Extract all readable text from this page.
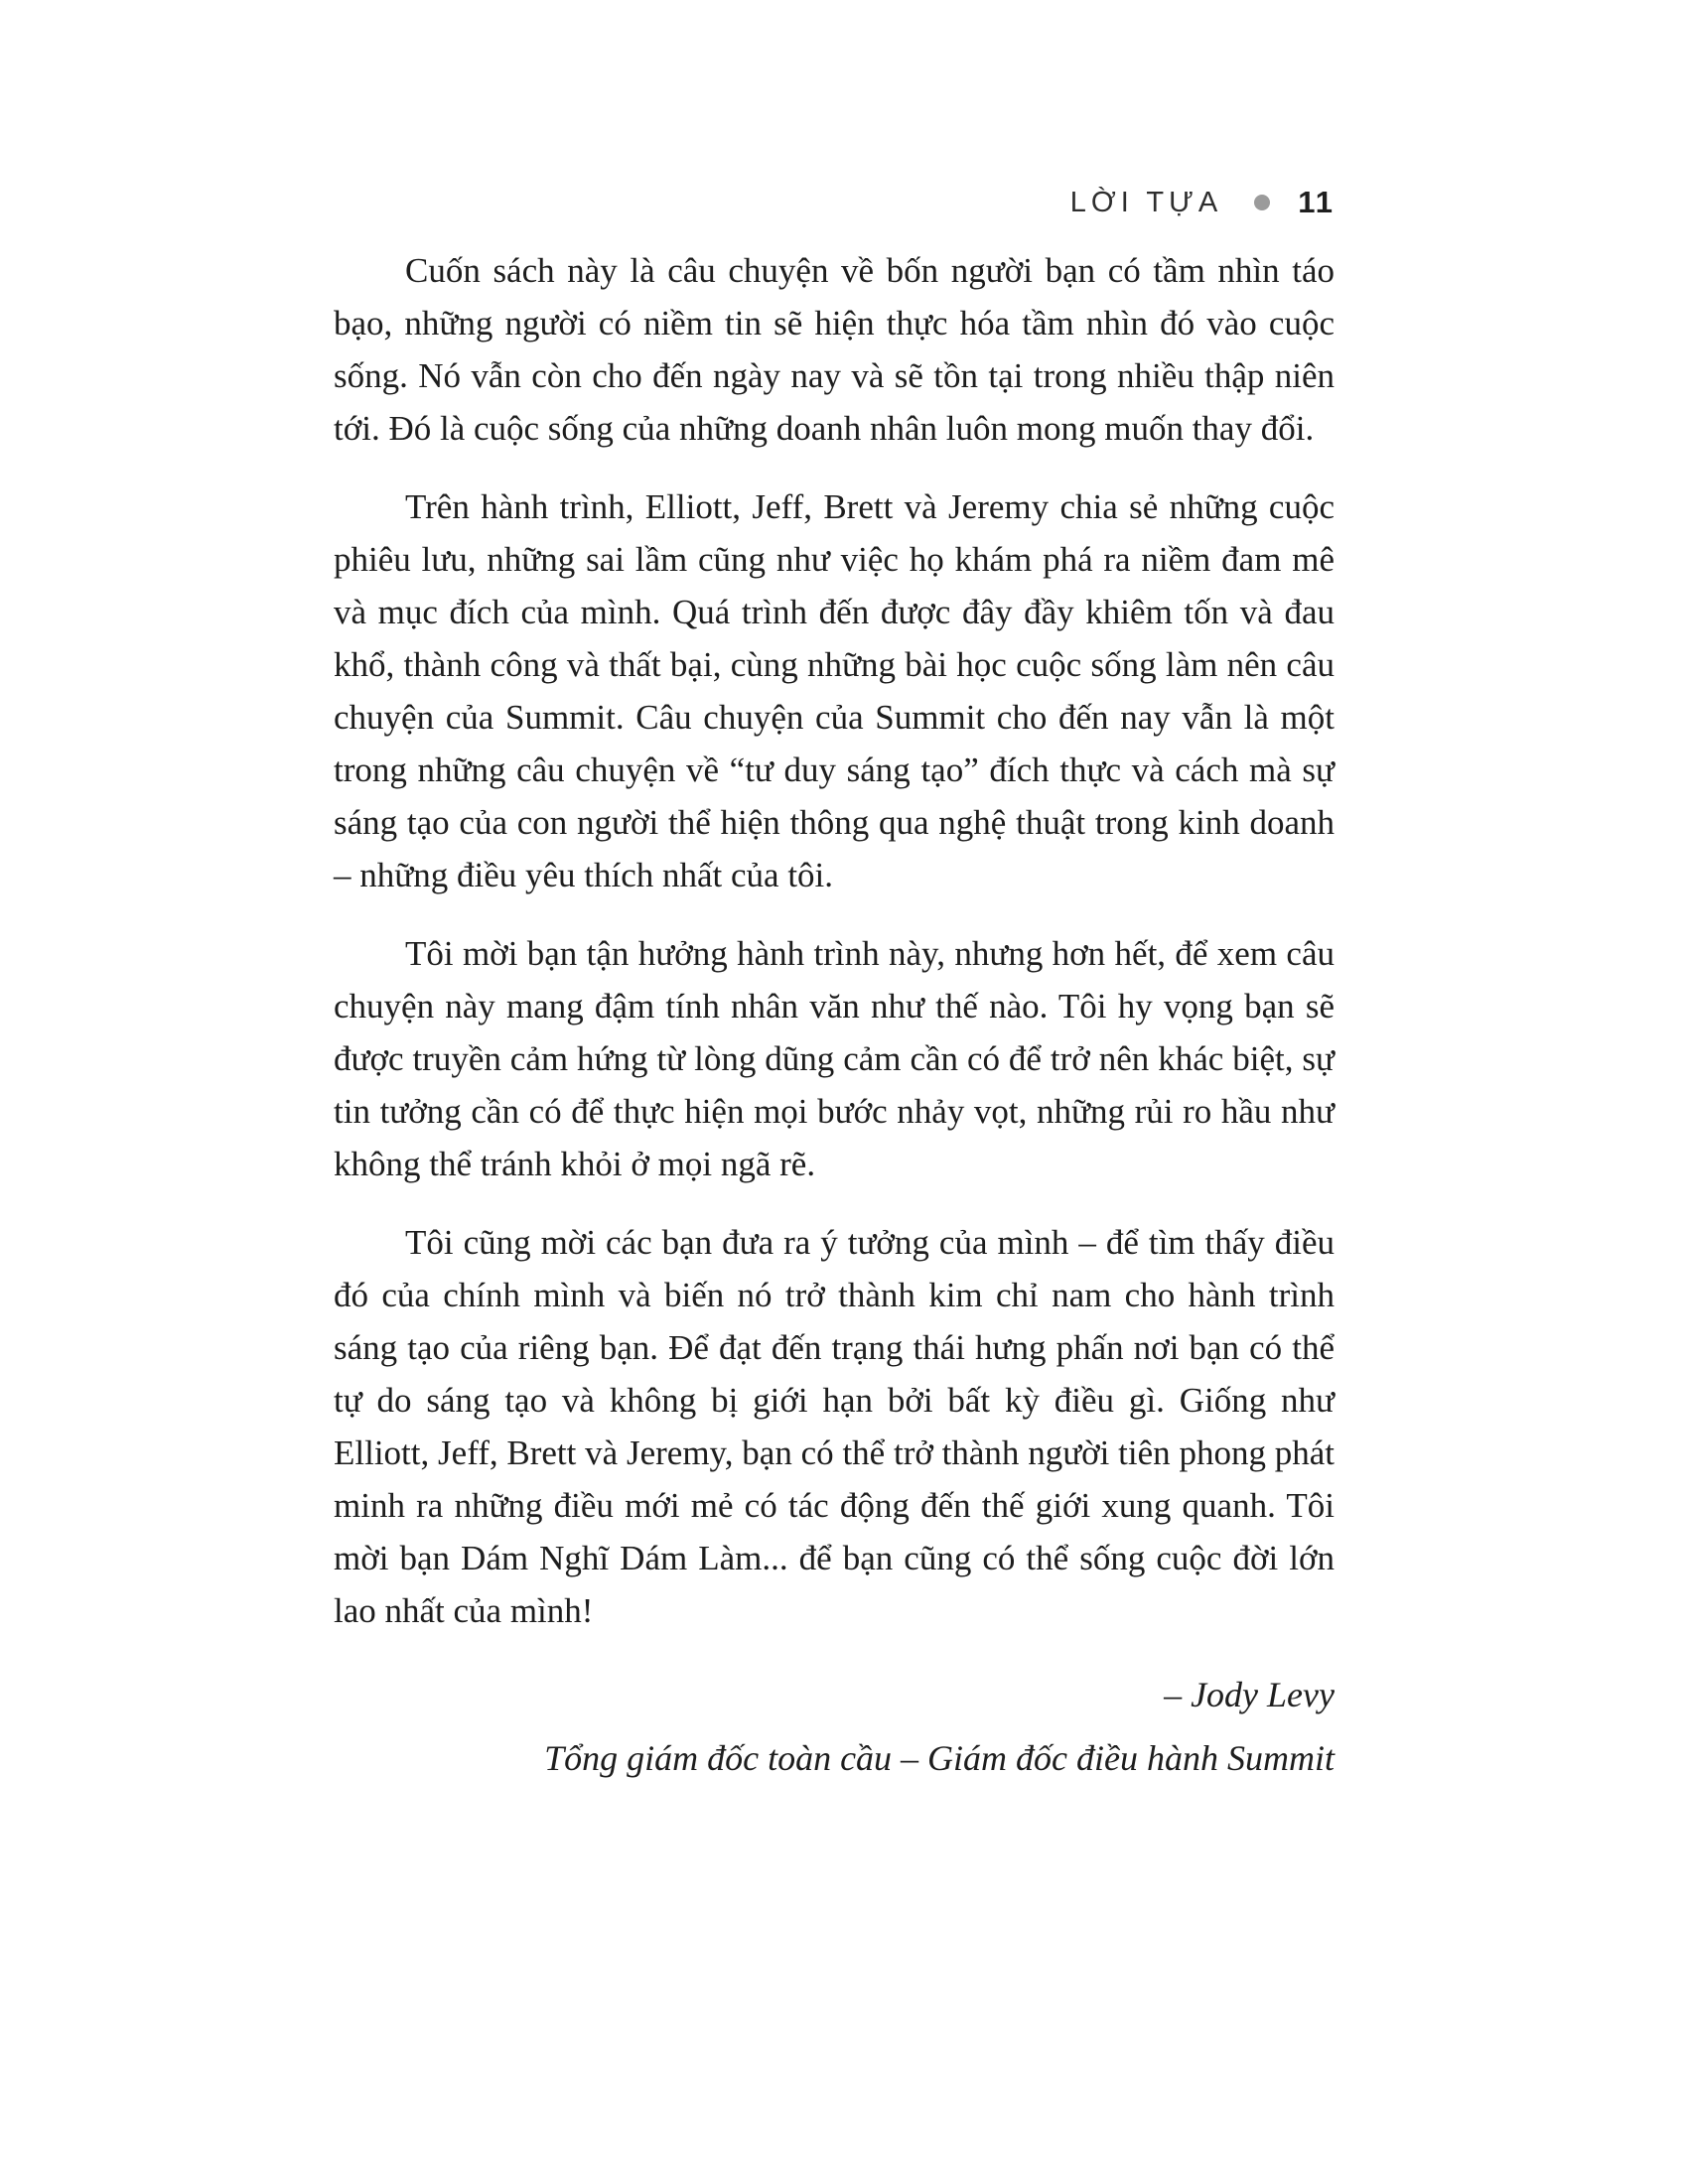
LỜI TỰA 11

Cuốn sách này là câu chuyện về bốn người bạn có tầm nhìn táo bạo, những người có niềm tin sẽ hiện thực hóa tầm nhìn đó vào cuộc sống. Nó vẫn còn cho đến ngày nay và sẽ tồn tại trong nhiều thập niên tới. Đó là cuộc sống của những doanh nhân luôn mong muốn thay đổi.

Trên hành trình, Elliott, Jeff, Brett và Jeremy chia sẻ những cuộc phiêu lưu, những sai lầm cũng như việc họ khám phá ra niềm đam mê và mục đích của mình. Quá trình đến được đây đầy khiêm tốn và đau khổ, thành công và thất bại, cùng những bài học cuộc sống làm nên câu chuyện của Summit. Câu chuyện của Summit cho đến nay vẫn là một trong những câu chuyện về “tư duy sáng tạo” đích thực và cách mà sự sáng tạo của con người thể hiện thông qua nghệ thuật trong kinh doanh – những điều yêu thích nhất của tôi.

Tôi mời bạn tận hưởng hành trình này, nhưng hơn hết, để xem câu chuyện này mang đậm tính nhân văn như thế nào. Tôi hy vọng bạn sẽ được truyền cảm hứng từ lòng dũng cảm cần có để trở nên khác biệt, sự tin tưởng cần có để thực hiện mọi bước nhảy vọt, những rủi ro hầu như không thể tránh khỏi ở mọi ngã rẽ.

Tôi cũng mời các bạn đưa ra ý tưởng của mình – để tìm thấy điều đó của chính mình và biến nó trở thành kim chỉ nam cho hành trình sáng tạo của riêng bạn. Để đạt đến trạng thái hưng phấn nơi bạn có thể tự do sáng tạo và không bị giới hạn bởi bất kỳ điều gì. Giống như Elliott, Jeff, Brett và Jeremy, bạn có thể trở thành người tiên phong phát minh ra những điều mới mẻ có tác động đến thế giới xung quanh. Tôi mời bạn Dám Nghĩ Dám Làm... để bạn cũng có thể sống cuộc đời lớn lao nhất của mình!

– Jody Levy
Tổng giám đốc toàn cầu – Giám đốc điều hành Summit
